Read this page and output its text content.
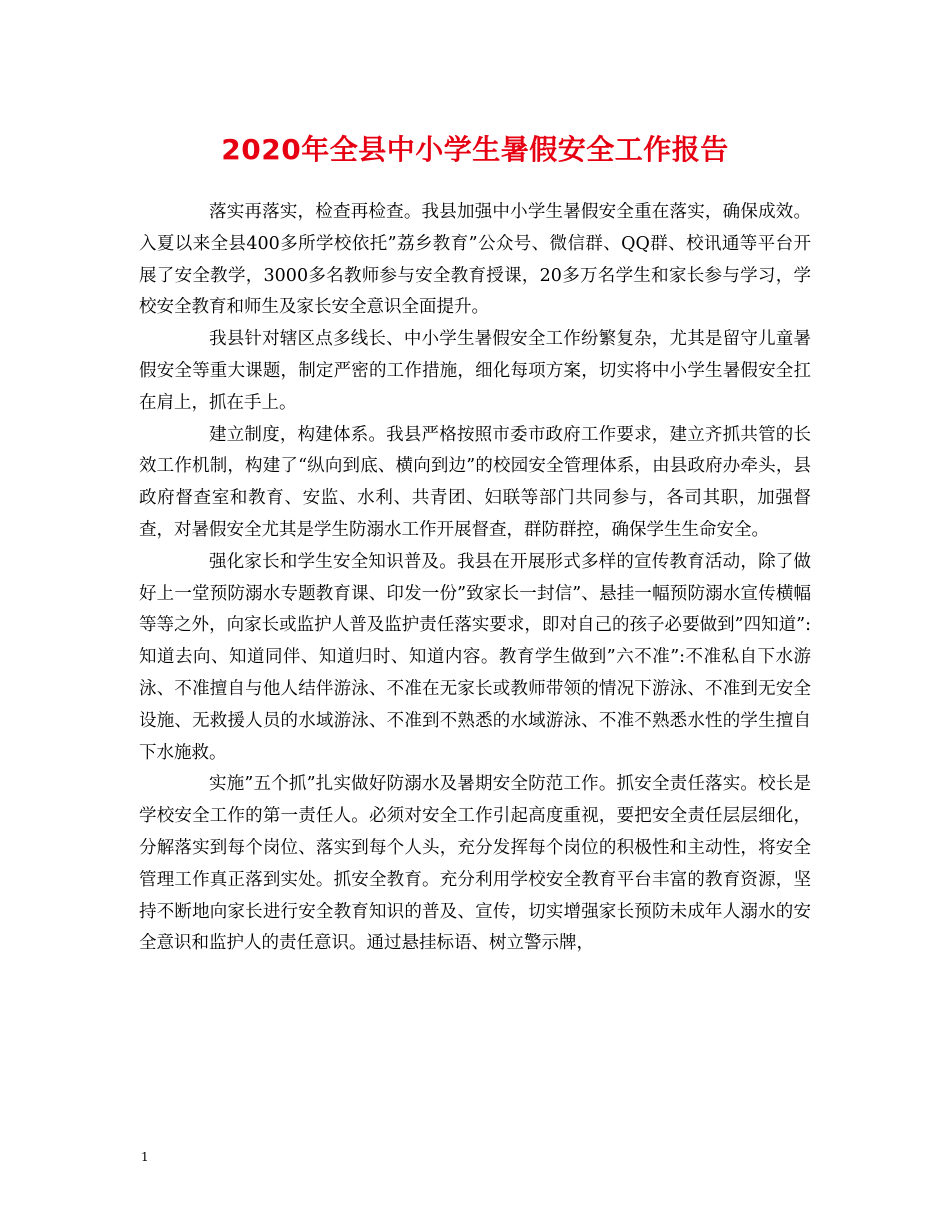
2020年全县中小学生暑假安全工作报告

落实再落实，检查再检查。我县加强中小学生暑假安全重在落实，确保成效。入夏以来全县400多所学校依托”荔乡教育”公众号、微信群、QQ群、校讯通等平台开展了安全教学，3000多名教师参与安全教育授课，20多万名学生和家长参与学习，学校安全教育和师生及家长安全意识全面提升。

我县针对辖区点多线长、中小学生暑假安全工作纷繁复杂，尤其是留守儿童暑假安全等重大课题，制定严密的工作措施，细化每项方案，切实将中小学生暑假安全扛在肩上，抓在手上。

建立制度，构建体系。我县严格按照市委市政府工作要求，建立齐抓共管的长效工作机制，构建了“纵向到底、横向到边”的校园安全管理体系，由县政府办牵头，县政府督查室和教育、安监、水利、共青团、妇联等部门共同参与，各司其职，加强督查，对暑假安全尤其是学生防溺水工作开展督查，群防群控，确保学生生命安全。

强化家长和学生安全知识普及。我县在开展形式多样的宣传教育活动，除了做好上一堂预防溺水专题教育课、印发一份”致家长一封信”、悬挂一幅预防溺水宣传横幅等等之外，向家长或监护人普及监护责任落实要求，即对自己的孩子必要做到”四知道”:知道去向、知道同伴、知道归时、知道内容。教育学生做到”六不准”:不准私自下水游泳、不准擅自与他人结伴游泳、不准在无家长或教师带领的情况下游泳、不准到无安全设施、无救援人员的水域游泳、不准到不熟悉的水域游泳、不准不熟悉水性的学生擅自下水施救。

实施”五个抓”扎实做好防溺水及暑期安全防范工作。抓安全责任落实。校长是学校安全工作的第一责任人。必须对安全工作引起高度重视，要把安全责任层层细化，分解落实到每个岗位、落实到每个人头，充分发挥每个岗位的积极性和主动性，将安全管理工作真正落到实处。抓安全教育。充分利用学校安全教育平台丰富的教育资源，坚持不断地向家长进行安全教育知识的普及、宣传，切实增强家长预防未成年人溺水的安全意识和监护人的责任意识。通过悬挂标语、树立警示牌，

1
